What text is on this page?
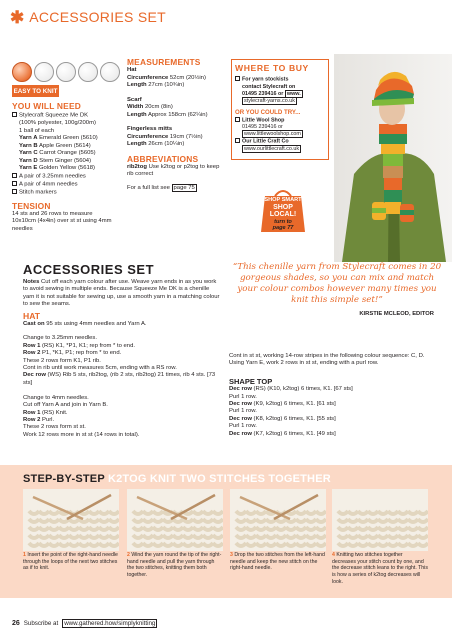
✱ ACCESSORIES SET
EASY TO KNIT
YOU WILL NEED
Stylecraft Squeeze Me DK
(100% polyester, 100g/200m)
1 ball of each
Yarn A Emerald Green (5610)
Yarn B Apple Green (5614)
Yarn C Carrot Orange (5605)
Yarn D Stem Ginger (5604)
Yarn E Golden Yellow (5618)
A pair of 3.25mm needles
A pair of 4mm needles
Stitch markers
TENSION
14 sts and 26 rows to measure 10x10cm (4x4in) over st st using 4mm needles
MEASUREMENTS
Hat
Circumference 52cm (20½in)
Length 27cm (10¾in)
Scarf
Width 20cm (8in)
Length Approx 158cm (62¼in)
Fingerless mitts
Circumference 19cm (7½in)
Length 26cm (10¼in)
ABBREVIATIONS
rib2tog Use k2tog or p2tog to keep rib correct
For a full list see page 75
WHERE TO BUY
For yarn stockists
contact Stylecraft on
01495 239416 or www.
stylecraft-yarns.co.uk
OR YOU COULD TRY...
Little Wool Shop
01495 239416 or
www.littlewoolshop.com
Our Little Craft Co
www.ourlittlecraft.co.uk
SHOP SMART
SHOP
LOCAL!
turn to
page 77
ACCESSORIES SET

Notes Cut off each yarn colour after use. Weave yarn ends in as you work to avoid sewing in multiple ends. Because Squeeze Me DK is a chenille yarn it is not suitable for sewing up, use a smooth yarn in a matching colour to sew the seams.

HAT

Cast on 95 sts using 4mm needles and Yarn A.

Change to 3.25mm needles.

Row 1 (RS) K1, *P1, K1; rep from * to end.

Row 2 P1, *K1, P1; rep from * to end.

These 2 rows form K1, P1 rib.

Cont in rib until work measures 5cm, ending with a RS row.

Dec row (WS) Rib 5 sts, rib2tog, (rib 2 sts, rib2tog) 21 times, rib 4 sts. [73 sts]

Change to 4mm needles.

Cut off Yarn A and join in Yarn B.

Row 1 (RS) Knit.

Row 2 Purl.

These 2 rows form st st.

Work 12 rows more in st st (14 rows in total).

“This chenille yarn from Stylecraft comes in 20 gorgeous shades, so you can mix and match your colour combos however many times you knit this simple set!”
KIRSTIE MCLEOD, EDITOR

Cont in st st, working 14-row stripes in the following colour sequence: C, D.

Using Yarn E, work 2 rows in st st, ending with a purl row.

SHAPE TOP

Dec row (RS) (K10, k2tog) 6 times, K1. [67 sts]

Purl 1 row.

Dec row (K9, k2tog) 6 times, K1. [61 sts]

Purl 1 row.

Dec row (K8, k2tog) 6 times, K1. [55 sts]

Purl 1 row.

Dec row (K7, k2tog) 6 times, K1. [49 sts]

STEP-BY-STEP K2TOG KNIT TWO STITCHES TOGETHER
1 Insert the point of the right-hand needle through the loops of the next two stitches as if to knit.
2 Wind the yarn round the tip of the right-hand needle and pull the yarn through the two stitches, knitting them both together.
3 Drop the two stitches from the left-hand needle and keep the new stitch on the right-hand needle.
4 Knitting two stitches together decreases your stitch count by one, and the decrease stitch leans to the right. This is how a series of k2tog decreases will look.
26 Subscribe at www.gathered.how/simplyknitting
